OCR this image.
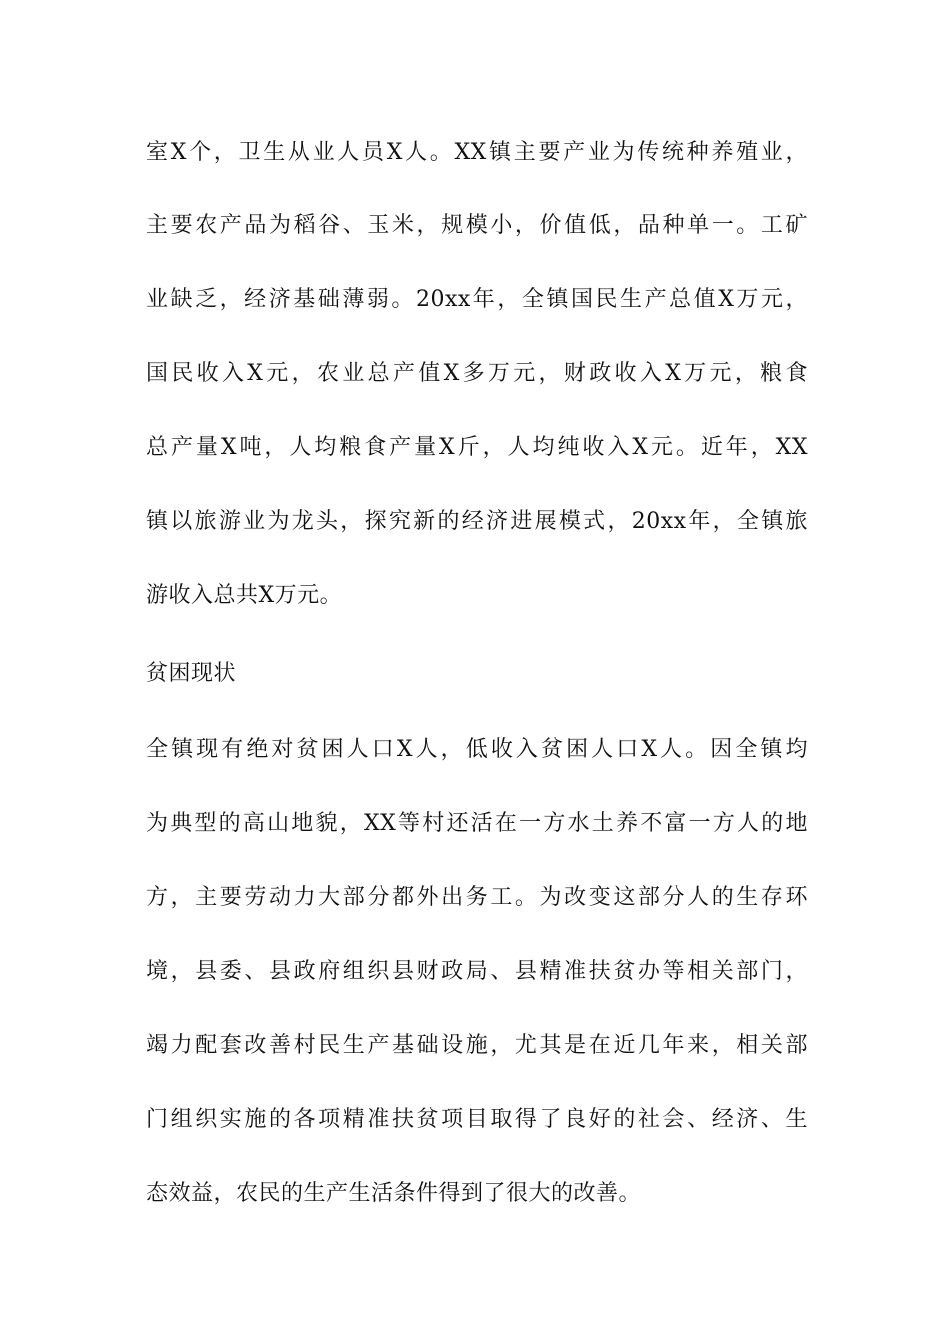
室X个，卫生从业人员X人。XX镇主要产业为传统种养殖业，
主要农产品为稻谷、玉米，规模小，价值低，品种单一。工矿
业缺乏，经济基础薄弱。20xx年，全镇国民生产总值X万元，
国民收入X元，农业总产值X多万元，财政收入X万元，粮食
总产量X吨，人均粮食产量X斤，人均纯收入X元。近年，XX
镇以旅游业为龙头，探究新的经济进展模式，20xx年，全镇旅
游收入总共X万元。
贫困现状
全镇现有绝对贫困人口X人，低收入贫困人口X人。因全镇均
为典型的高山地貌，XX等村还活在一方水土养不富一方人的地
方，主要劳动力大部分都外出务工。为改变这部分人的生存环
境，县委、县政府组织县财政局、县精准扶贫办等相关部门，
竭力配套改善村民生产基础设施，尤其是在近几年来，相关部
门组织实施的各项精准扶贫项目取得了良好的社会、经济、生
态效益，农民的生产生活条件得到了很大的改善。
